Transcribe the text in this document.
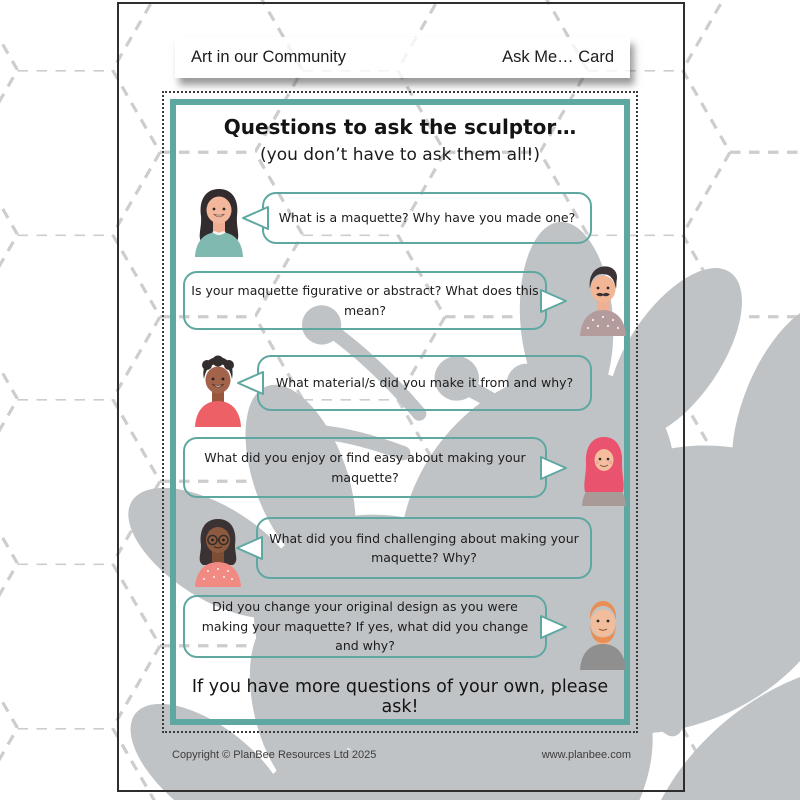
Art in our Community	Ask Me… Card
Questions to ask the sculptor…
(you don’t have to ask them all!)
What is a maquette? Why have you made one?
Is your maquette figurative or abstract? What does this mean?
What material/s did you make it from and why?
What did you enjoy or find easy about making your maquette?
What did you find challenging about making your maquette? Why?
Did you change your original design as you were making your maquette? If yes, what did you change and why?
If you have more questions of your own, please ask!
Copyright © PlanBee Resources Ltd 2025	www.planbee.com
